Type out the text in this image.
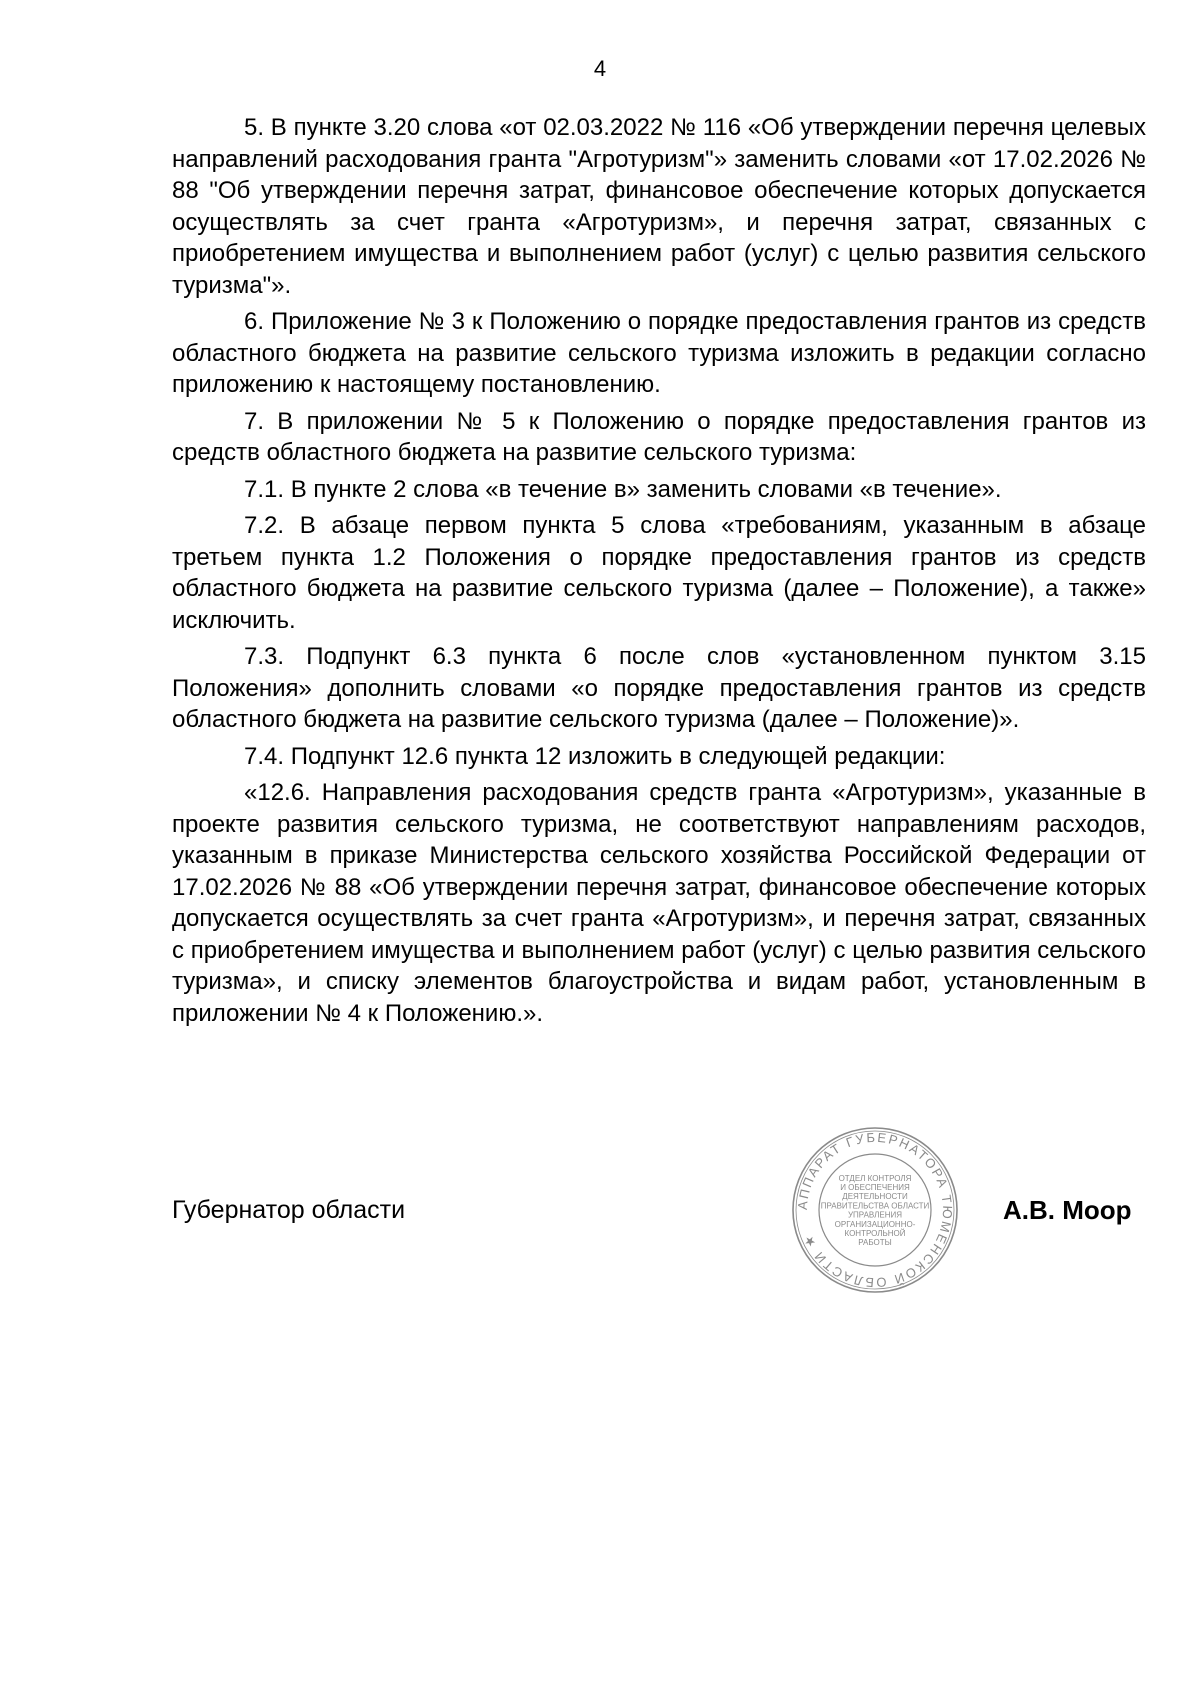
4

5. В пункте 3.20 слова «от 02.03.2022 № 116 «Об утверждении перечня целевых направлений расходования гранта "Агротуризм"» заменить словами «от 17.02.2026 № 88 "Об утверждении перечня затрат, финансовое обеспечение которых допускается осуществлять за счет гранта «Агротуризм», и перечня затрат, связанных с приобретением имущества и выполнением работ (услуг) с целью развития сельского туризма"».

6. Приложение № 3 к Положению о порядке предоставления грантов из средств областного бюджета на развитие сельского туризма изложить в редакции согласно приложению к настоящему постановлению.

7. В приложении № 5 к Положению о порядке предоставления грантов из средств областного бюджета на развитие сельского туризма:

7.1. В пункте 2 слова «в течение в» заменить словами «в течение».

7.2. В абзаце первом пункта 5 слова «требованиям, указанным в абзаце третьем пункта 1.2 Положения о порядке предоставления грантов из средств областного бюджета на развитие сельского туризма (далее – Положение), а также» исключить.

7.3. Подпункт 6.3 пункта 6 после слов «установленном пунктом 3.15 Положения» дополнить словами «о порядке предоставления грантов из средств областного бюджета на развитие сельского туризма (далее – Положение)».

7.4. Подпункт 12.6 пункта 12 изложить в следующей редакции:

«12.6. Направления расходования средств гранта «Агротуризм», указанные в проекте развития сельского туризма, не соответствуют направлениям расходов, указанным в приказе Министерства сельского хозяйства Российской Федерации от 17.02.2026 № 88 «Об утверждении перечня затрат, финансовое обеспечение которых допускается осуществлять за счет гранта «Агротуризм», и перечня затрат, связанных с приобретением имущества и выполнением работ (услуг) с целью развития сельского туризма», и списку элементов благоустройства и видам работ, установленным в приложении № 4 к Положению.».

Губернатор области	АППАРАТ ГУБЕРНАТОРА ТЮМЕНСКОЙ ОБЛАСТИ ★
ОТДЕЛ КОНТРОЛЯ
И ОБЕСПЕЧЕНИЯ
ДЕЯТЕЛЬНОСТИ
ПРАВИТЕЛЬСТВА ОБЛАСТИ
УПРАВЛЕНИЯ
ОРГАНИЗАЦИОННО-
КОНТРОЛЬНОЙ
РАБОТЫ
А.В. Моор
